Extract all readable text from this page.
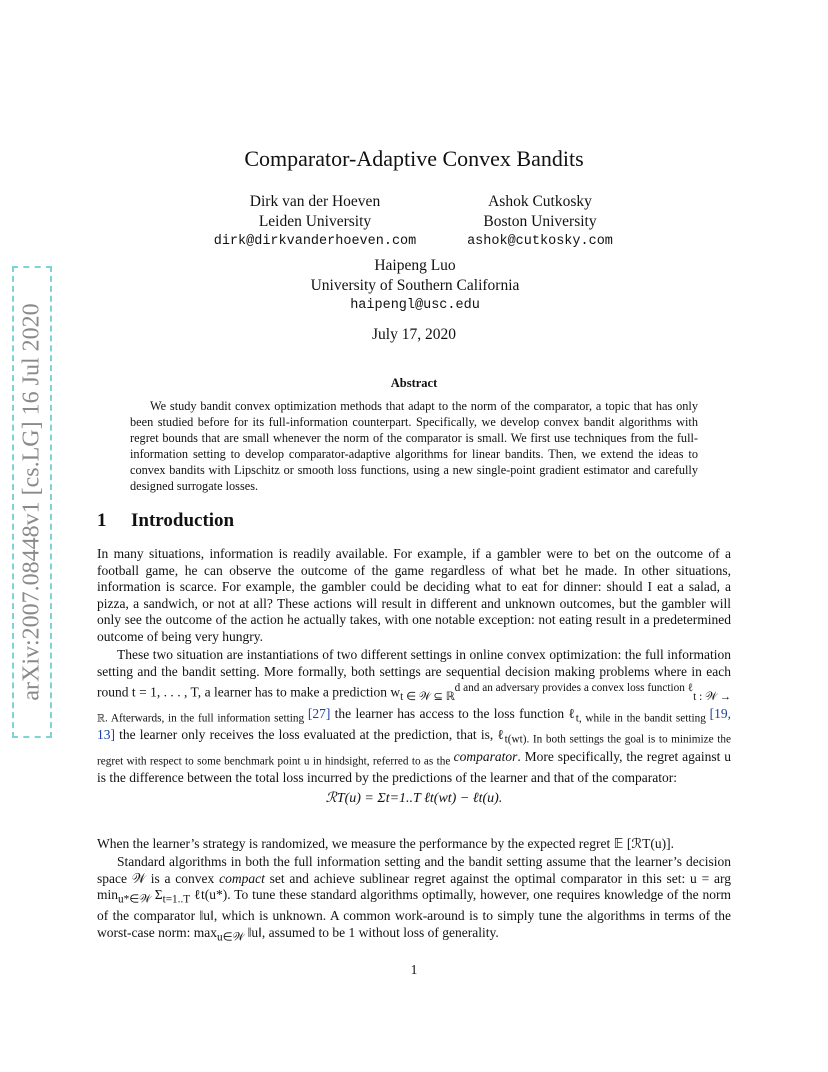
arXiv:2007.08448v1 [cs.LG] 16 Jul 2020
Comparator-Adaptive Convex Bandits
Dirk van der Hoeven
Leiden University
dirk@dirkvanderhoeven.com
Ashok Cutkosky
Boston University
ashok@cutkosky.com
Haipeng Luo
University of Southern California
haipengl@usc.edu
July 17, 2020
Abstract
We study bandit convex optimization methods that adapt to the norm of the comparator, a topic that has only been studied before for its full-information counterpart. Specifically, we develop convex bandit algorithms with regret bounds that are small whenever the norm of the comparator is small. We first use techniques from the full-information setting to develop comparator-adaptive algorithms for linear bandits. Then, we extend the ideas to convex bandits with Lipschitz or smooth loss functions, using a new single-point gradient estimator and carefully designed surrogate losses.
1 Introduction
In many situations, information is readily available. For example, if a gambler were to bet on the outcome of a football game, he can observe the outcome of the game regardless of what bet he made. In other situations, information is scarce. For example, the gambler could be deciding what to eat for dinner: should I eat a salad, a pizza, a sandwich, or not at all? These actions will result in different and unknown outcomes, but the gambler will only see the outcome of the action he actually takes, with one notable exception: not eating result in a predetermined outcome of being very hungry.
These two situation are instantiations of two different settings in online convex optimization: the full information setting and the bandit setting. More formally, both settings are sequential decision making problems where in each round t = 1, . . . , T, a learner has to make a prediction $w_{t \in 𝒲 ⊆ ℝ}^{d and an adversary provides a convex loss function \ell}_{t : 𝒲 \to ℝ. Afterwards, in the full information setting}$ [27] the learner has access to the loss function ℓ$_{t, while in the bandit setting}$ [19, 13] the learner only receives the loss evaluated at the prediction, that is, ℓ$_{t(wt). In both settings the goal is to minimize the regret with respect to some benchmark point u in hindsight, referred to as the}$ comparator. More specifically, the regret against u is the difference between the total loss incurred by the predictions of the learner and that of the comparator:
ℛT(u) = Σt=1..T ℓt(wt) − ℓt(u).
When the learner’s strategy is randomized, we measure the performance by the expected regret 𝔼 [ℛT(u)].
Standard algorithms in both the full information setting and the bandit setting assume that the learner’s decision space 𝒲 is a convex compact set and achieve sublinear regret against the optimal comparator in this set: u = arg $\min_{u*\in 𝒲} \Sigma_{t=1..T}$ ℓt(u*). To tune these standard algorithms optimally, however, one requires knowledge of the norm of the comparator ‖u‖, which is unknown. A common work-around is to simply tune the algorithms in terms of the worst-case norm: $\max_{u\in 𝒲}$ ‖u‖, assumed to be 1 without loss of generality.
1
